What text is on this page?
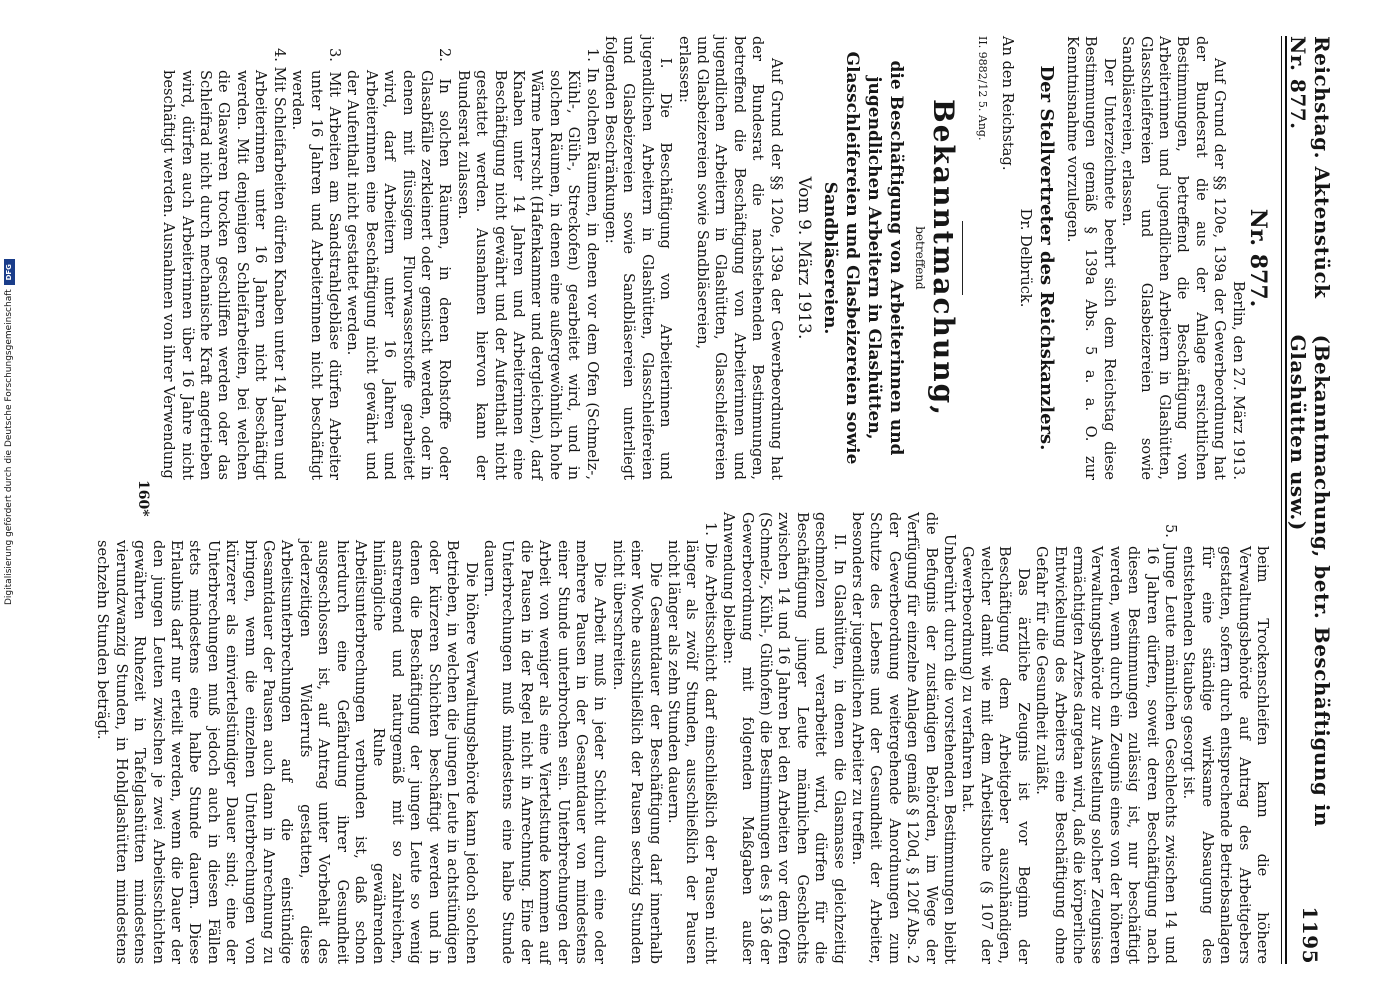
Reichstag. Aktenstück Nr. 877.
(Bekanntmachung, betr. Beschäftigung in Glashütten usw.)
1195
Nr. 877.
Berlin, den 27. März 1913.

Auf Grund der §§ 120e, 139a der Gewerbeordnung hat der Bundesrat die aus der Anlage ersichtlichen Bestimmungen, betreffend die Beschäftigung von Arbeiterinnen und jugendlichen Arbeitern in Glashütten, Glasschleifereien und Glasbeizereien sowie Sandbläsereien, erlassen.

Der Unterzeichnete beehrt sich dem Reichstag diese Bestimmungen gemäß § 139a Abs. 5 a. a. O. zur Kenntnisnahme vorzulegen.

Der Stellvertreter des Reichskanzlers.
Dr. Delbrück.

An den Reichstag.

II. 9882/12 5. Ang.
Bekanntmachung,
betreffend
die Beschäftigung von Arbeiterinnen und jugendlichen Arbeitern in Glashütten, Glasschleifereien und Glasbeizereien sowie Sandbläsereien.
Vom 9. März 1913.

Auf Grund der §§ 120e, 139a der Gewerbeordnung hat der Bundesrat die nachstehenden Bestimmungen, betreffend die Beschäftigung von Arbeiterinnen und jugendlichen Arbeitern in Glashütten, Glasschleifereien und Glasbeizereien sowie Sandbläsereien,

erlassen:

I. Die Beschäftigung von Arbeiterinnen und jugendlichen Arbeitern in Glashütten, Glasschleifereien und Glasbeizereien sowie Sandbläsereien unterliegt folgenden Beschränkungen:

1. In solchen Räumen, in denen vor dem Ofen (Schmelz-, Kühl-, Glüh-, Streckofen) gearbeitet wird, und in solchen Räumen, in denen eine außergewöhnlich hohe Wärme herrscht (Hafenkammer und dergleichen), darf Knaben unter 14 Jahren und Arbeiterinnen eine Beschäftigung nicht gewährt und der Aufenthalt nicht gestattet werden. Ausnahmen hiervon kann der Bundesrat zulassen.

2. In solchen Räumen, in denen Rohstoffe oder Glasabfälle zerkleinert oder gemischt werden, oder in denen mit flüssigem Fluorwasserstoffe gearbeitet wird, darf Arbeitern unter 16 Jahren und Arbeiterinnen eine Beschäftigung nicht gewährt und der Aufenthalt nicht gestattet werden.

3. Mit Arbeiten am Sandstrahlgebläse dürfen Arbeiter unter 16 Jahren und Arbeiterinnen nicht beschäftigt werden.

4. Mit Schleifarbeiten dürfen Knaben unter 14 Jahren und Arbeiterinnen unter 16 Jahren nicht beschäftigt werden. Mit denjenigen Schleifarbeiten, bei welchen die Glaswaren trocken geschliffen werden oder das Schleifrad nicht durch mechanische Kraft angetrieben wird, dürfen auch Arbeiterinnen über 16 Jahre nicht beschäftigt werden. Ausnahmen von ihrer Verwendung

beim Trockenschleifen kann die höhere Verwaltungsbehörde auf Antrag des Arbeitgebers gestatten, sofern durch entsprechende Betriebsanlagen für eine ständige wirksame Absaugung des entstehenden Staubes gesorgt ist.

5. Junge Leute männlichen Geschlechts zwischen 14 und 16 Jahren dürfen, soweit deren Beschäftigung nach diesen Bestimmungen zulässig ist, nur beschäftigt werden, wenn durch ein Zeugnis eines von der höheren Verwaltungsbehörde zur Ausstellung solcher Zeugnisse ermächtigten Arztes dargetan wird, daß die körperliche Entwickelung des Arbeiters eine Beschäftigung ohne Gefahr für die Gesundheit zuläßt.

Das ärztliche Zeugnis ist vor Beginn der Beschäftigung dem Arbeitgeber auszuhändigen, welcher damit wie mit dem Arbeitsbuche (§ 107 der Gewerbeordnung) zu verfahren hat.

Unberührt durch die vorstehenden Bestimmungen bleibt die Befugnis der zuständigen Behörden, im Wege der Verfügung für einzelne Anlagen gemäß § 120d, § 120f Abs. 2 der Gewerbeordnung weitergehende Anordnungen zum Schutze des Lebens und der Gesundheit der Arbeiter, besonders der jugendlichen Arbeiter zu treffen.

II. In Glashütten, in denen die Glasmasse gleichzeitig geschmolzen und verarbeitet wird, dürfen für die Beschäftigung junger Leute männlichen Geschlechts zwischen 14 und 16 Jahren bei den Arbeiten vor dem Ofen (Schmelz-, Kühl-, Glühofen) die Bestimmungen des § 136 der Gewerbeordnung mit folgenden Maßgaben außer Anwendung bleiben:

1. Die Arbeitsschicht darf einschließlich der Pausen nicht länger als zwölf Stunden, ausschließlich der Pausen nicht länger als zehn Stunden dauern.

Die Gesamtdauer der Beschäftigung darf innerhalb einer Woche ausschließlich der Pausen sechzig Stunden nicht überschreiten.

Die Arbeit muß in jeder Schicht durch eine oder mehrere Pausen in der Gesamtdauer von mindestens einer Stunde unterbrochen sein. Unterbrechungen der Arbeit von weniger als eine Viertelstunde kommen auf die Pausen in der Regel nicht in Anrechnung. Eine der Unterbrechungen muß mindestens eine halbe Stunde dauern.

Die höhere Verwaltungsbehörde kann jedoch solchen Betrieben, in welchen die jungen Leute in achtstündigen oder kürzeren Schichten beschäftigt werden und in denen die Beschäftigung der jungen Leute so wenig anstrengend und naturgemäß mit so zahlreichen, hinlängliche Ruhe gewährenden Arbeitsunterbrechungen verbunden ist, daß schon hierdurch eine Gefährdung ihrer Gesundheit ausgeschlossen ist, auf Antrag unter Vorbehalt des jederzeitigen Widerrufs gestatten, diese Arbeitsunterbrechungen auf die einstündige Gesamtdauer der Pausen auch dann in Anrechnung zu bringen, wenn die einzelnen Unterbrechungen von kürzerer als einviertelstündiger Dauer sind; eine der Unterbrechungen muß jedoch auch in diesen Fällen stets mindestens eine halbe Stunde dauern. Diese Erlaubnis darf nur erteilt werden, wenn die Dauer der den jungen Leuten zwischen je zwei Arbeitsschichten gewährten Ruhezeit in Tafelglashütten mindestens vierundzwanzig Stunden, in Hohlglashütten mindestens sechzehn Stunden beträgt.

160*
Digitalisierung gefördert durch die Deutsche Forschungsgemeinschaft
DFG
